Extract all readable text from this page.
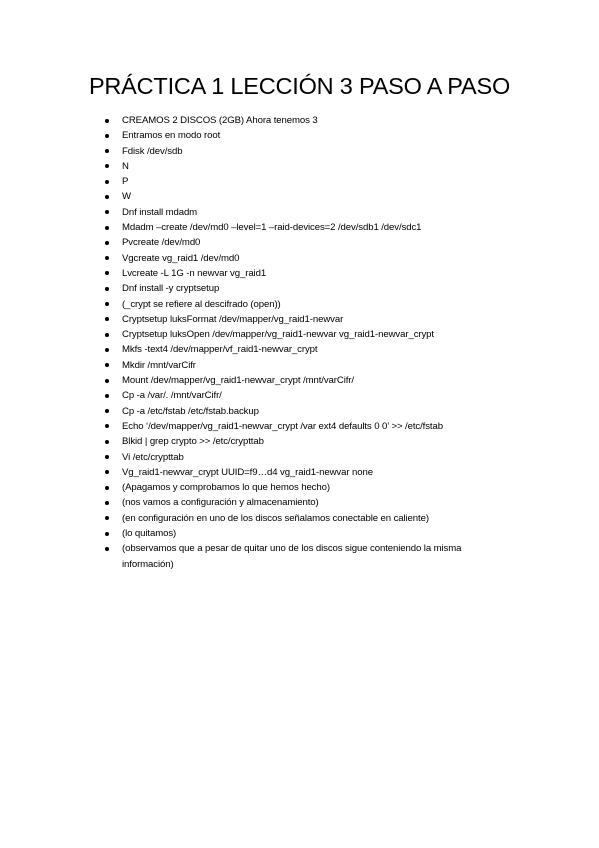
PRÁCTICA 1 LECCIÓN 3 PASO A PASO
CREAMOS 2 DISCOS (2GB) Ahora tenemos 3
Entramos en modo root
Fdisk /dev/sdb
N
P
W
Dnf install mdadm
Mdadm –create /dev/md0 –level=1 –raid-devices=2 /dev/sdb1 /dev/sdc1
Pvcreate /dev/md0
Vgcreate vg_raid1 /dev/md0
Lvcreate -L 1G -n newvar vg_raid1
Dnf install -y cryptsetup
(_crypt se refiere al descifrado (open))
Cryptsetup luksFormat /dev/mapper/vg_raid1-newvar
Cryptsetup luksOpen /dev/mapper/vg_raid1-newvar vg_raid1-newvar_crypt
Mkfs -text4 /dev/mapper/vf_raid1-newvar_crypt
Mkdir /mnt/varCifr
Mount /dev/mapper/vg_raid1-newvar_crypt /mnt/varCifr/
Cp -a /var/. /mnt/varCifr/
Cp -a /etc/fstab /etc/fstab.backup
Echo ‘/dev/mapper/vg_raid1-newvar_crypt /var ext4 defaults 0 0’ >> /etc/fstab
Blkid | grep crypto >> /etc/crypttab
Vi /etc/crypttab
Vg_raid1-newvar_crypt UUID=f9…d4 vg_raid1-newvar none
(Apagamos y comprobamos lo que hemos hecho)
(nos vamos a configuración y almacenamiento)
(en configuración en uno de los discos señalamos conectable en caliente)
(lo quitamos)
(observamos que a pesar de quitar uno de los discos sigue conteniendo la misma información)
